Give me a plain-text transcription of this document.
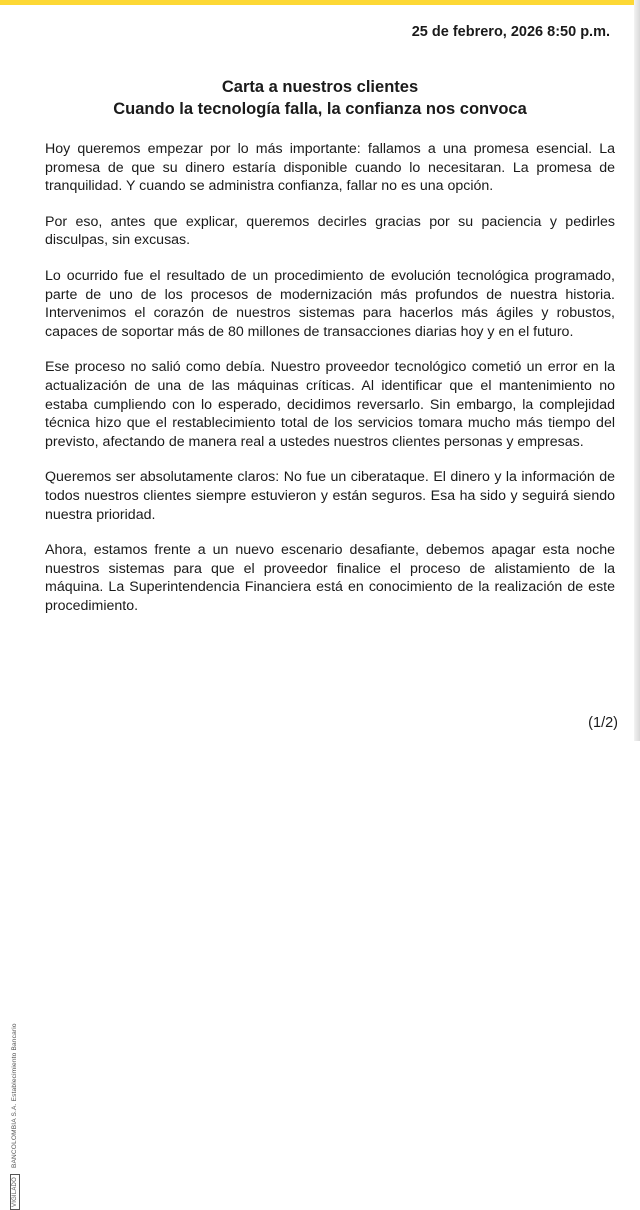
25 de febrero, 2026 8:50 p.m.
Carta a nuestros clientes
Cuando la tecnología falla, la confianza nos convoca

Hoy queremos empezar por lo más importante: fallamos a una promesa esencial. La promesa de que su dinero estaría disponible cuando lo necesitaran. La promesa de tranquilidad. Y cuando se administra confianza, fallar no es una opción.

Por eso, antes que explicar, queremos decirles gracias por su paciencia y pedirles disculpas, sin excusas.

Lo ocurrido fue el resultado de un procedimiento de evolución tecnológica programado, parte de uno de los procesos de modernización más profundos de nuestra historia. Intervenimos el corazón de nuestros sistemas para hacerlos más ágiles y robustos, capaces de soportar más de 80 millones de transacciones diarias hoy y en el futuro.

Ese proceso no salió como debía. Nuestro proveedor tecnológico cometió un error en la actualización de una de las máquinas críticas. Al identificar que el mantenimiento no estaba cumpliendo con lo esperado, decidimos reversarlo. Sin embargo, la complejidad técnica hizo que el restablecimiento total de los servicios tomara mucho más tiempo del previsto, afectando de manera real a ustedes nuestros clientes personas y empresas.

Queremos ser absolutamente claros: No fue un ciberataque. El dinero y la información de todos nuestros clientes siempre estuvieron y están seguros. Esa ha sido y seguirá siendo nuestra prioridad.

Ahora, estamos frente a un nuevo escenario desafiante, debemos apagar esta noche nuestros sistemas para que el proveedor finalice el proceso de alistamiento de la máquina. La Superintendencia Financiera está en conocimiento de la realización de este procedimiento.

VIGILADOBANCOLOMBIA S.A. Establecimiento Bancario
(1/2)
